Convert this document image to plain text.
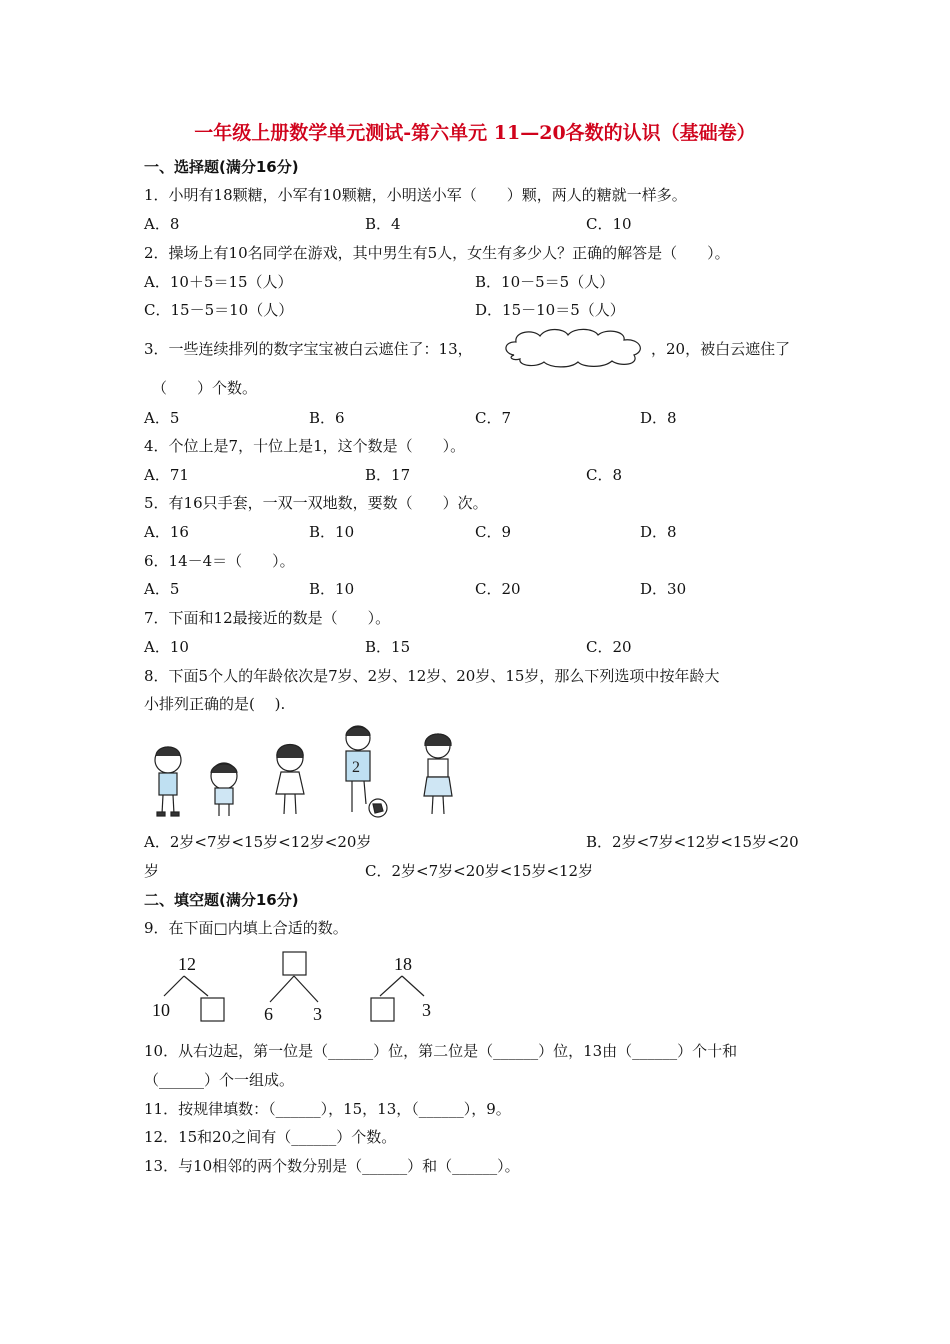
一年级上册数学单元测试-第六单元 11—20各数的认识（基础卷）
一、选择题(满分16分)
1．小明有18颗糖，小军有10颗糖，小明送小军（　　）颗，两人的糖就一样多。
A．8	B．4	C．10
2．操场上有10名同学在游戏，其中男生有5人，女生有多少人？正确的解答是（　　）。
A．10＋5＝15（人）	B．10－5＝5（人）
C．15－5＝10（人）	D．15－10＝5（人）
3．一些连续排列的数字宝宝被白云遮住了：13，	，20，被白云遮住了
（　　）个数。
A．5	B．6	C．7	D．8
4．个位上是7，十位上是1，这个数是（　　）。
A．71	B．17	C．8
5．有16只手套，一双一双地数，要数（　　）次。
A．16	B．10	C．9	D．8
6．14－4＝（　　）。
A．5	B．10	C．20	D．30
7．下面和12最接近的数是（　　）。
A．10	B．15	C．20
8．下面5个人的年龄依次是7岁、2岁、12岁、20岁、15岁，那么下列选项中按年龄大
小排列正确的是(　 ).
2
A．2岁<7岁<15岁<12岁<20岁	B．2岁<7岁<12岁<15岁<20
岁	C．2岁<7岁<20岁<15岁<12岁
二、填空题(满分16分)
9．在下面□内填上合适的数。
12
10	6 3
18
3
10．从右边起，第一位是（______）位，第二位是（______）位，13由（______）个十和
（______）个一组成。
11．按规律填数：（______），15，13，（______），9。
12．15和20之间有（______）个数。
13．与10相邻的两个数分别是（______）和（______）。
